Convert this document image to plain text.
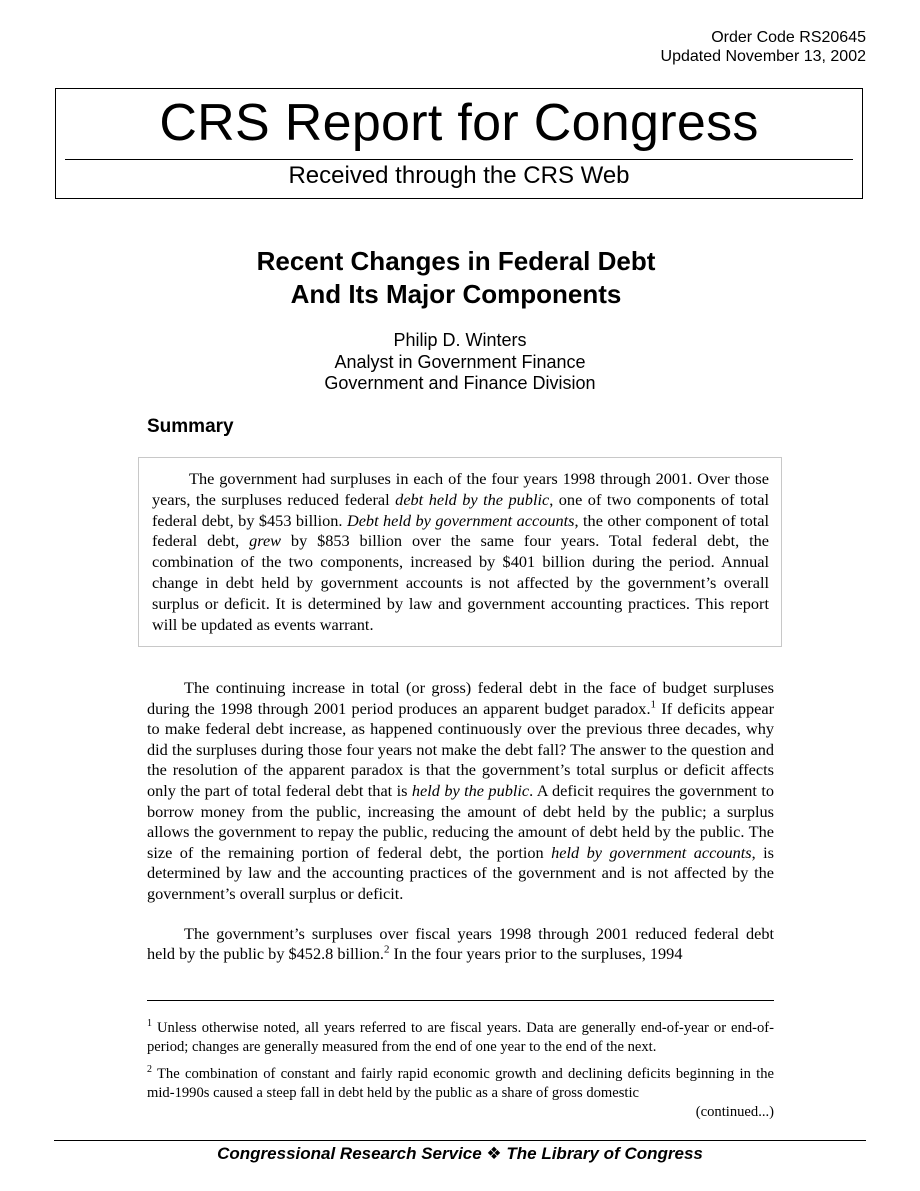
Order Code RS20645
Updated November 13, 2002
CRS Report for Congress
Received through the CRS Web
Recent Changes in Federal Debt
And Its Major Components
Philip D. Winters
Analyst in Government Finance
Government and Finance Division
Summary

The government had surpluses in each of the four years 1998 through 2001. Over those years, the surpluses reduced federal debt held by the public, one of two components of total federal debt, by $453 billion. Debt held by government accounts, the other component of total federal debt, grew by $853 billion over the same four years. Total federal debt, the combination of the two components, increased by $401 billion during the period. Annual change in debt held by government accounts is not affected by the government’s overall surplus or deficit. It is determined by law and government accounting practices. This report will be updated as events warrant.

The continuing increase in total (or gross) federal debt in the face of budget surpluses during the 1998 through 2001 period produces an apparent budget paradox.$^1$ If deficits appear to make federal debt increase, as happened continuously over the previous three decades, why did the surpluses during those four years not make the debt fall? The answer to the question and the resolution of the apparent paradox is that the government’s total surplus or deficit affects only the part of total federal debt that is held by the public. A deficit requires the government to borrow money from the public, increasing the amount of debt held by the public; a surplus allows the government to repay the public, reducing the amount of debt held by the public. The size of the remaining portion of federal debt, the portion held by government accounts, is determined by law and the accounting practices of the government and is not affected by the government’s overall surplus or deficit.

The government’s surpluses over fiscal years 1998 through 2001 reduced federal debt held by the public by $452.8 billion.$^2$ In the four years prior to the surpluses, 1994

$^1$ Unless otherwise noted, all years referred to are fiscal years. Data are generally end-of-year or end-of-period; changes are generally measured from the end of one year to the end of the next.

$^2$ The combination of constant and fairly rapid economic growth and declining deficits beginning in the mid-1990s caused a steep fall in debt held by the public as a share of gross domestic

(continued...)
Congressional Research Service ❖ The Library of Congress
